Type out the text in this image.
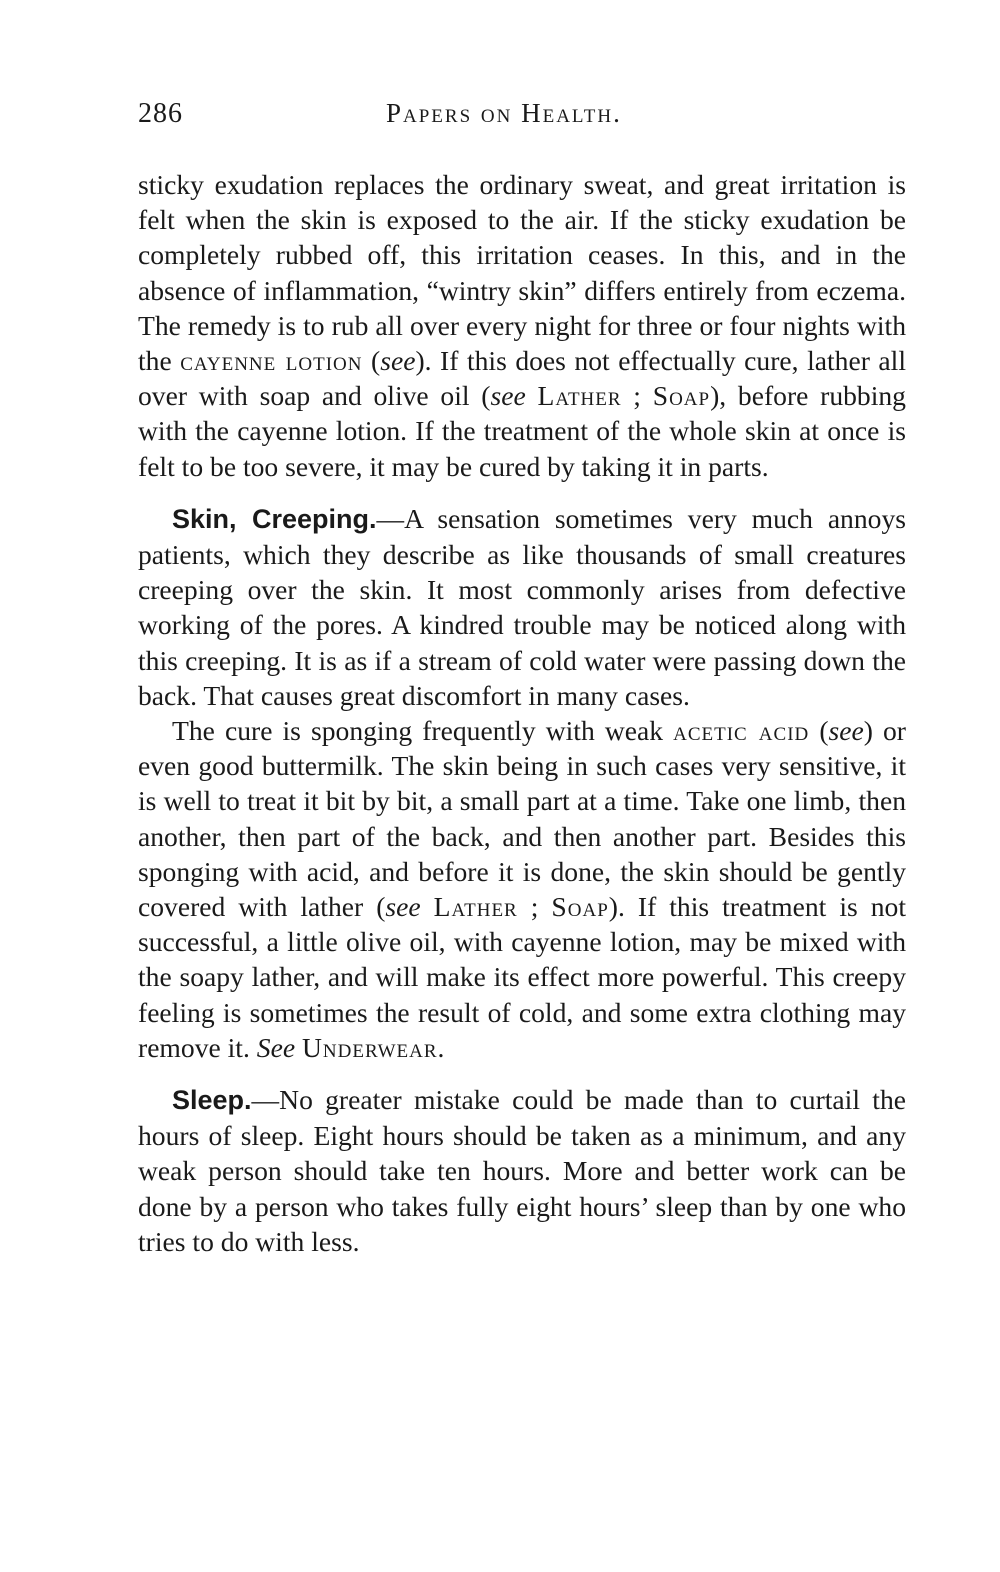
286	Papers on Health.

sticky exudation replaces the ordinary sweat, and great irritation is felt when the skin is exposed to the air. If the sticky exudation be completely rubbed off, this irritation ceases. In this, and in the absence of inflammation, “wintry skin” differs entirely from eczema. The remedy is to rub all over every night for three or four nights with the cayenne lotion (see). If this does not effectually cure, lather all over with soap and olive oil (see Lather ; Soap), before rubbing with the cayenne lotion. If the treatment of the whole skin at once is felt to be too severe, it may be cured by taking it in parts.

Skin, Creeping.—A sensation sometimes very much annoys patients, which they describe as like thousands of small creatures creeping over the skin. It most commonly arises from defective working of the pores. A kindred trouble may be noticed along with this creeping. It is as if a stream of cold water were passing down the back. That causes great discomfort in many cases.

The cure is sponging frequently with weak acetic acid (see) or even good buttermilk. The skin being in such cases very sensitive, it is well to treat it bit by bit, a small part at a time. Take one limb, then another, then part of the back, and then another part. Besides this sponging with acid, and before it is done, the skin should be gently covered with lather (see Lather ; Soap). If this treatment is not successful, a little olive oil, with cayenne lotion, may be mixed with the soapy lather, and will make its effect more powerful. This creepy feeling is sometimes the result of cold, and some extra clothing may remove it. See Underwear.

Sleep.—No greater mistake could be made than to curtail the hours of sleep. Eight hours should be taken as a minimum, and any weak person should take ten hours. More and better work can be done by a person who takes fully eight hours’ sleep than by one who tries to do with less.
